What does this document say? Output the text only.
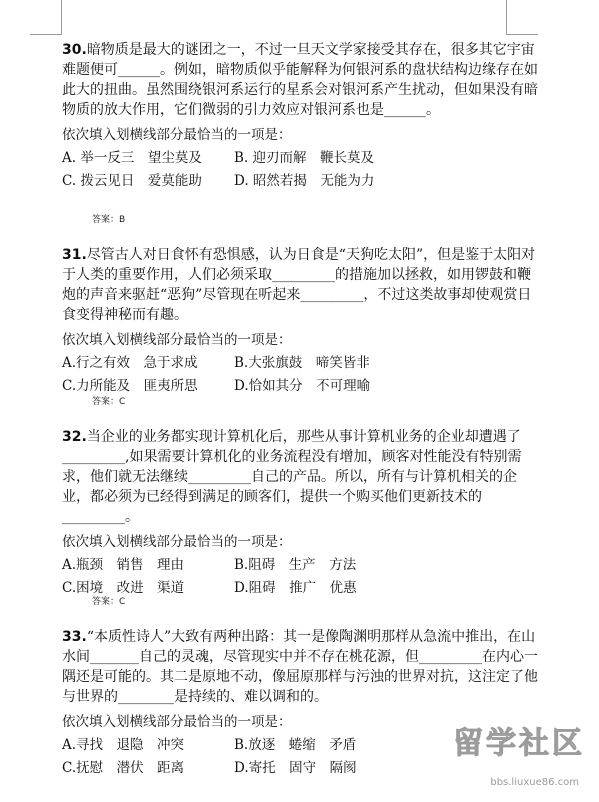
30.暗物质是最大的谜团之一，不过一旦天文学家接受其存在，很多其它宇宙难题便可______。例如，暗物质似乎能解释为何银河系的盘状结构边缘存在如此大的扭曲。虽然围绕银河系运行的星系会对银河系产生扰动，但如果没有暗物质的放大作用，它们微弱的引力效应对银河系也是______。

依次填入划横线部分最恰当的一项是：
A. 举一反三　望尘莫及	B. 迎刃而解　鞭长莫及
C. 拨云见日　爱莫能助	D. 昭然若揭　无能为力
答案：B

31.尽管古人对日食怀有恐惧感，认为日食是“天狗吃太阳”，但是鉴于太阳对于人类的重要作用，人们必须采取_________的措施加以拯救，如用锣鼓和鞭炮的声音来驱赶“恶狗”尽管现在听起来_________，不过这类故事却使观赏日食变得神秘而有趣。

依次填入划横线部分最恰当的一项是：
A.行之有效　急于求成	B.大张旗鼓　啼笑皆非
C.力所能及　匪夷所思	D.恰如其分　不可理喻
答案：C

32.当企业的业务都实现计算机化后，那些从事计算机业务的企业却遭遇了_________,如果需要计算机化的业务流程没有增加，顾客对性能没有特别需求，他们就无法继续_________自己的产品。所以，所有与计算机相关的企业，都必须为已经得到满足的顾客们，提供一个购买他们更新技术的_________。

依次填入划横线部分最恰当的一项是：
A.瓶颈　销售　理由	B.阻碍　生产　方法
C.困境　改进　渠道	D.阻碍　推广　优惠
答案：C

33.“本质性诗人”大致有两种出路：其一是像陶渊明那样从急流中推出，在山水间_______自己的灵魂，尽管现实中并不存在桃花源，但_________在内心一隅还是可能的。其二是原地不动，像屈原那样与污浊的世界对抗，这注定了他与世界的________是持续的、难以调和的。

依次填入划横线部分最恰当的一项是：
A.寻找　退隐　冲突	B.放逐　蜷缩　矛盾
C.抚慰　潜伏　距离	D.寄托　固守　隔阂
留学社区
bbs.liuxue86.com
